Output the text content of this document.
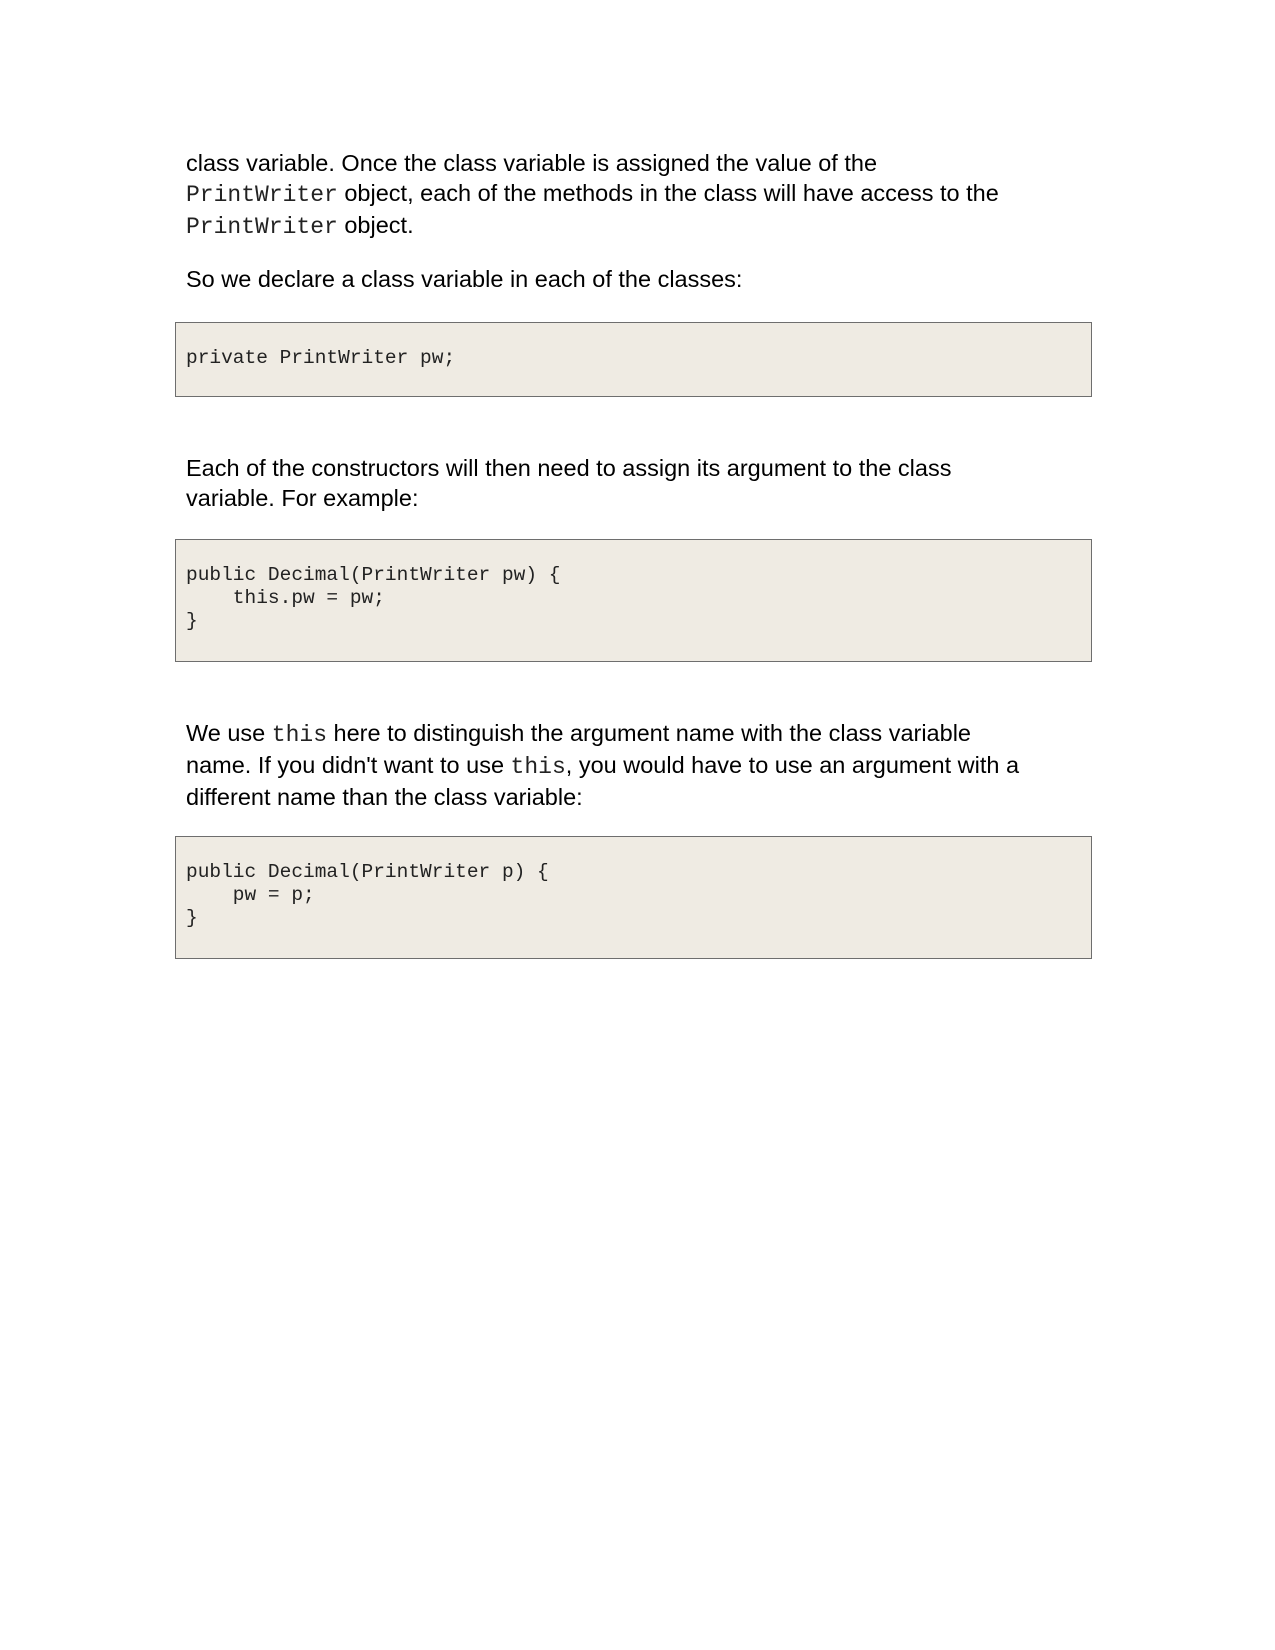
class variable. Once the class variable is assigned the value of the
PrintWriter object, each of the methods in the class will have access to the
PrintWriter object.
So we declare a class variable in each of the classes:
private PrintWriter pw;
Each of the constructors will then need to assign its argument to the class
variable. For example:
public Decimal(PrintWriter pw) {
this.pw = pw;
}
We use this here to distinguish the argument name with the class variable
name. If you didn't want to use this, you would have to use an argument with a
different name than the class variable:
public Decimal(PrintWriter p) {
pw = p;
}
